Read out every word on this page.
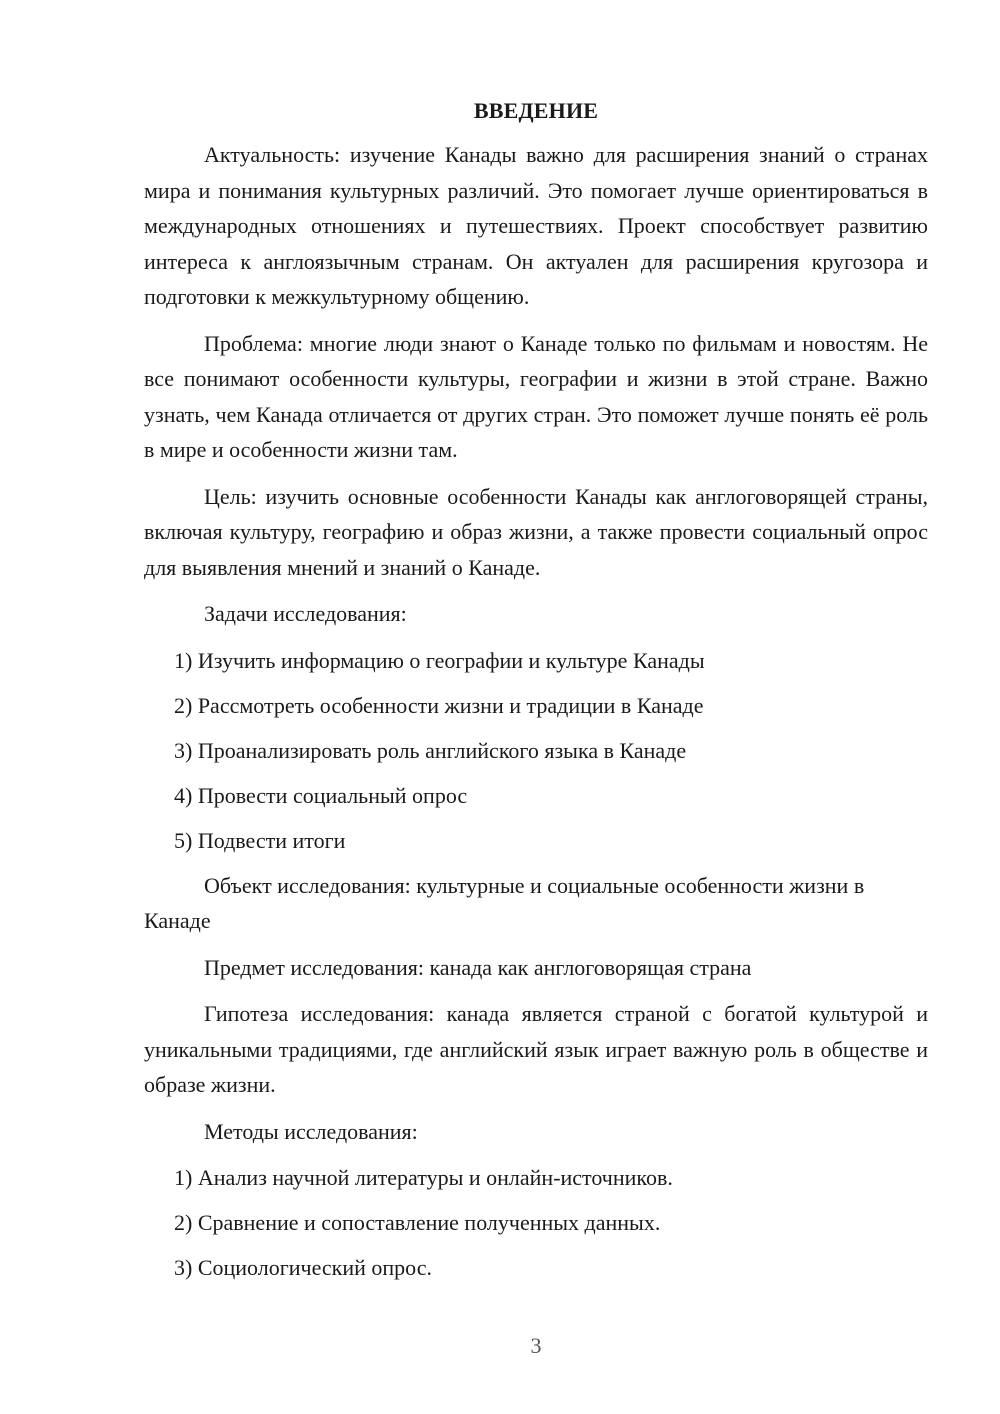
ВВЕДЕНИЕ

Актуальность: изучение Канады важно для расширения знаний о странах мира и понимания культурных различий. Это помогает лучше ориентироваться в международных отношениях и путешествиях. Проект способствует развитию интереса к англоязычным странам. Он актуален для расширения кругозора и подготовки к межкультурному общению.

Проблема: многие люди знают о Канаде только по фильмам и новостям. Не все понимают особенности культуры, географии и жизни в этой стране. Важно узнать, чем Канада отличается от других стран. Это поможет лучше понять её роль в мире и особенности жизни там.

Цель: изучить основные особенности Канады как англоговорящей страны, включая культуру, географию и образ жизни, а также провести социальный опрос для выявления мнений и знаний о Канаде.

Задачи исследования:

1) Изучить информацию о географии и культуре Канады
2) Рассмотреть особенности жизни и традиции в Канаде
3) Проанализировать роль английского языка в Канаде
4) Провести социальный опрос
5) Подвести итоги

Объект исследования: культурные и социальные особенности жизни в Канаде

Предмет исследования: канада как англоговорящая страна

Гипотеза исследования: канада является страной с богатой культурой и уникальными традициями, где английский язык играет важную роль в обществе и образе жизни.

Методы исследования:

1) Анализ научной литературы и онлайн-источников.
2) Сравнение и сопоставление полученных данных.
3) Социологический опрос.
3
